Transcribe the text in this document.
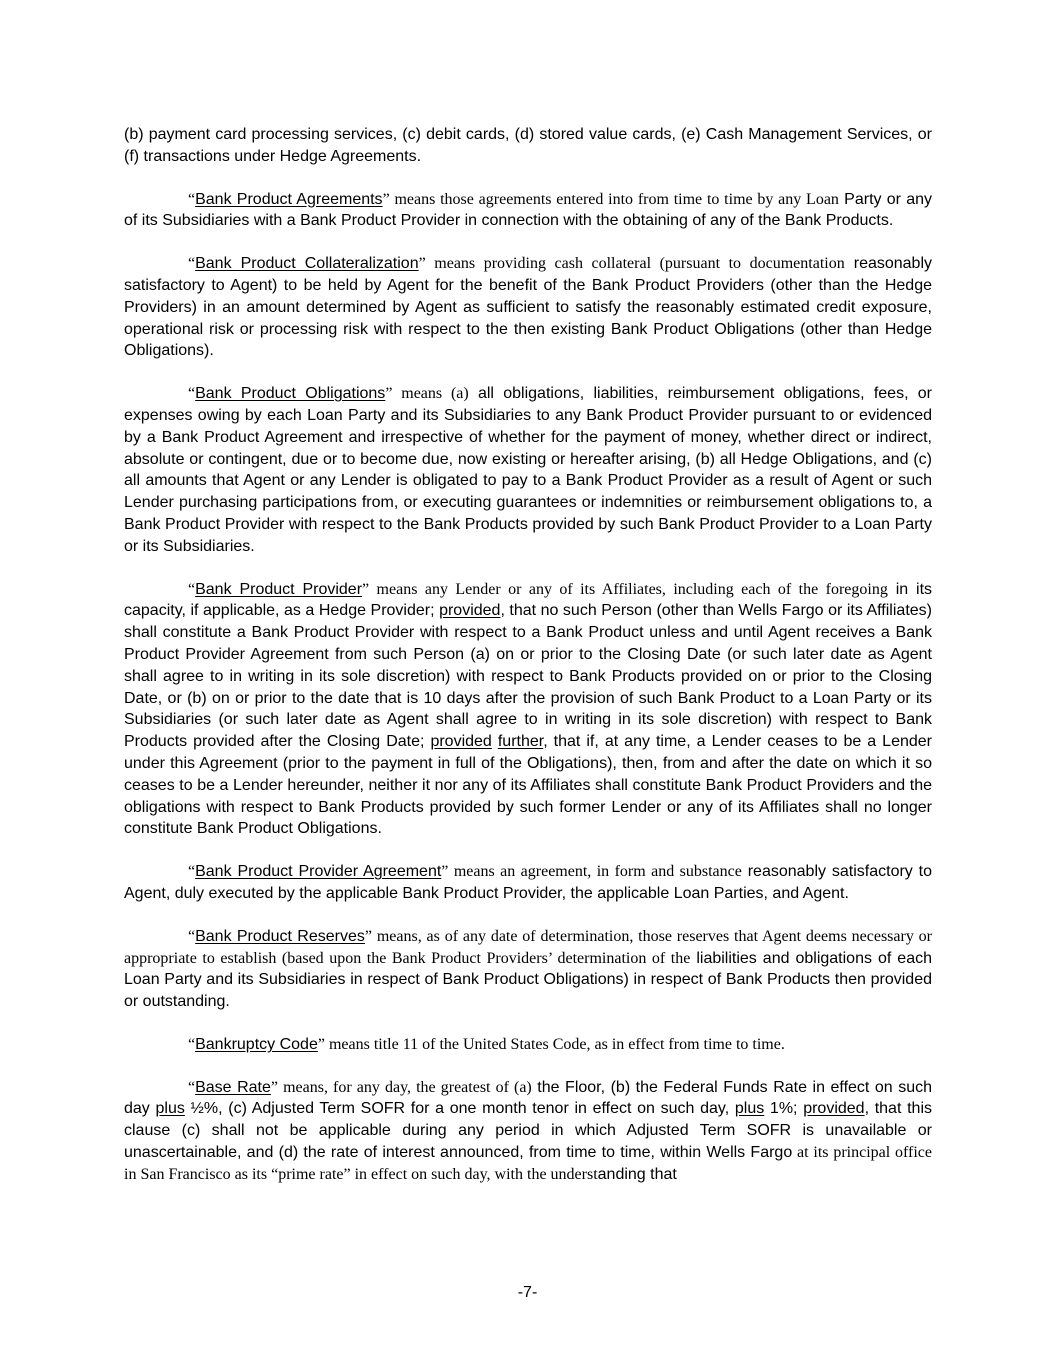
(b) payment card processing services, (c) debit cards, (d) stored value cards, (e) Cash Management Services, or (f) transactions under Hedge Agreements.

“Bank Product Agreements” means those agreements entered into from time to time by any Loan Party or any of its Subsidiaries with a Bank Product Provider in connection with the obtaining of any of the Bank Products.

“Bank Product Collateralization” means providing cash collateral (pursuant to documentation reasonably satisfactory to Agent) to be held by Agent for the benefit of the Bank Product Providers (other than the Hedge Providers) in an amount determined by Agent as sufficient to satisfy the reasonably estimated credit exposure, operational risk or processing risk with respect to the then existing Bank Product Obligations (other than Hedge Obligations).

“Bank Product Obligations” means (a) all obligations, liabilities, reimbursement obligations, fees, or expenses owing by each Loan Party and its Subsidiaries to any Bank Product Provider pursuant to or evidenced by a Bank Product Agreement and irrespective of whether for the payment of money, whether direct or indirect, absolute or contingent, due or to become due, now existing or hereafter arising, (b) all Hedge Obligations, and (c) all amounts that Agent or any Lender is obligated to pay to a Bank Product Provider as a result of Agent or such Lender purchasing participations from, or executing guarantees or indemnities or reimbursement obligations to, a Bank Product Provider with respect to the Bank Products provided by such Bank Product Provider to a Loan Party or its Subsidiaries.

“Bank Product Provider” means any Lender or any of its Affiliates, including each of the foregoing in its capacity, if applicable, as a Hedge Provider; provided, that no such Person (other than Wells Fargo or its Affiliates) shall constitute a Bank Product Provider with respect to a Bank Product unless and until Agent receives a Bank Product Provider Agreement from such Person (a) on or prior to the Closing Date (or such later date as Agent shall agree to in writing in its sole discretion) with respect to Bank Products provided on or prior to the Closing Date, or (b) on or prior to the date that is 10 days after the provision of such Bank Product to a Loan Party or its Subsidiaries (or such later date as Agent shall agree to in writing in its sole discretion) with respect to Bank Products provided after the Closing Date; provided further, that if, at any time, a Lender ceases to be a Lender under this Agreement (prior to the payment in full of the Obligations), then, from and after the date on which it so ceases to be a Lender hereunder, neither it nor any of its Affiliates shall constitute Bank Product Providers and the obligations with respect to Bank Products provided by such former Lender or any of its Affiliates shall no longer constitute Bank Product Obligations.

“Bank Product Provider Agreement” means an agreement, in form and substance reasonably satisfactory to Agent, duly executed by the applicable Bank Product Provider, the applicable Loan Parties, and Agent.

“Bank Product Reserves” means, as of any date of determination, those reserves that Agent deems necessary or appropriate to establish (based upon the Bank Product Providers’ determination of the liabilities and obligations of each Loan Party and its Subsidiaries in respect of Bank Product Obligations) in respect of Bank Products then provided or outstanding.

“Bankruptcy Code” means title 11 of the United States Code, as in effect from time to time.

“Base Rate” means, for any day, the greatest of (a) the Floor, (b) the Federal Funds Rate in effect on such day plus ½%, (c) Adjusted Term SOFR for a one month tenor in effect on such day, plus 1%; provided, that this clause (c) shall not be applicable during any period in which Adjusted Term SOFR is unavailable or unascertainable, and (d) the rate of interest announced, from time to time, within Wells Fargo at its principal office in San Francisco as its “prime rate” in effect on such day, with the understanding that

-7-
